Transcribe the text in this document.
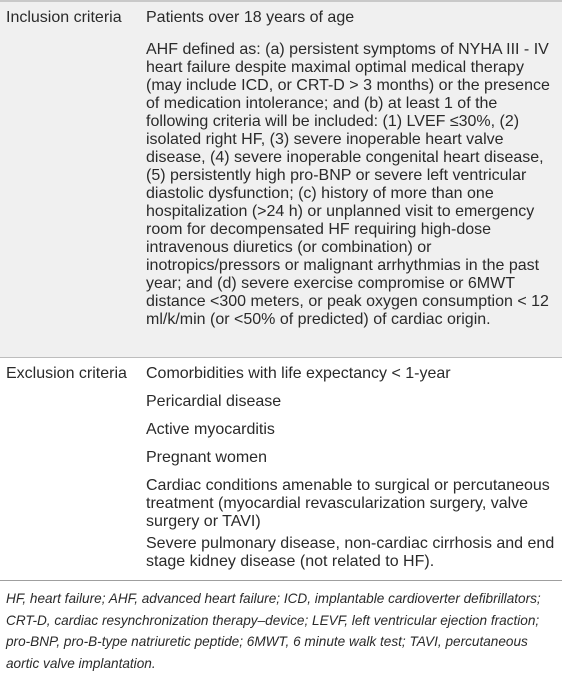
Inclusion criteria Patients over 18 years of age

AHF defined as: (a) persistent symptoms of NYHA III - IV heart failure despite maximal optimal medical therapy (may include ICD, or CRT-D > 3 months) or the presence of medication intolerance; and (b) at least 1 of the following criteria will be included: (1) LVEF ≤30%, (2) isolated right HF, (3) severe inoperable heart valve disease, (4) severe inoperable congenital heart disease, (5) persistently high pro-BNP or severe left ventricular diastolic dysfunction; (c) history of more than one hospitalization (>24 h) or unplanned visit to emergency room for decompensated HF requiring high-dose intravenous diuretics (or combination) or inotropics/pressors or malignant arrhythmias in the past year; and (d) severe exercise compromise or 6MWT distance <300 meters, or peak oxygen consumption < 12 ml/k/min (or <50% of predicted) of cardiac origin.

Exclusion criteria Comorbidities with life expectancy < 1-year

Pericardial disease

Active myocarditis

Pregnant women

Cardiac conditions amenable to surgical or percutaneous treatment (myocardial revascularization surgery, valve surgery or TAVI)

Severe pulmonary disease, non-cardiac cirrhosis and end stage kidney disease (not related to HF).

HF, heart failure; AHF, advanced heart failure; ICD, implantable cardioverter defibrillators; CRT-D, cardiac resynchronization therapy–device; LEVF, left ventricular ejection fraction; pro-BNP, pro-B-type natriuretic peptide; 6MWT, 6 minute walk test; TAVI, percutaneous aortic valve implantation.
